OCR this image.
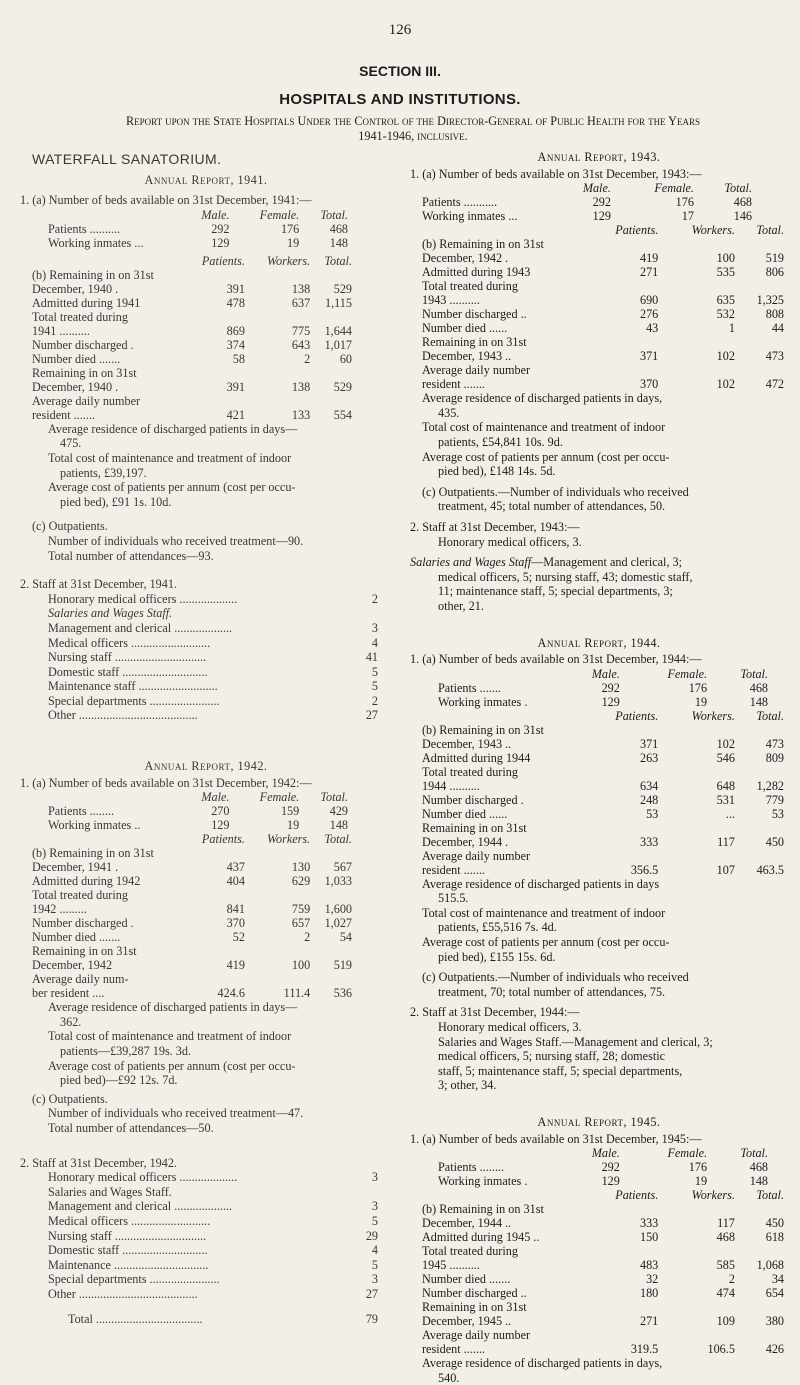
126
SECTION III.
HOSPITALS AND INSTITUTIONS.
Report upon the State Hospitals Under the Control of the Director-General of Public Health for the Years
1941-1946, inclusive.
WATERFALL SANATORIUM.
Annual Report, 1941.
1. (a) Number of beds available on 31st December, 1941:—
	Male.	Female.	Total.
Patients ..........	292	176	468
Working inmates ...	129	19	148
	Patients.	Workers.	Total.
(b) Remaining in on 31st			
December, 1940 .	391	138	529
Admitted during 1941	478	637	1,115
Total treated during			
1941 ..........	869	775	1,644
Number discharged .	374	643	1,017
Number died .......	58	2	60
Remaining in on 31st			
December, 1940 .	391	138	529
Average daily number			
resident .......	421	133	554
Average residence of discharged patients in days—
475.
Total cost of maintenance and treatment of indoor
patients, £39,197.
Average cost of patients per annum (cost per occu-
pied bed), £91 1s. 10d.
(c) Outpatients.
Number of individuals who received treatment—90.
Total number of attendances—93.
2. Staff at 31st December, 1941.
Honorary medical officers ...................	2
Salaries and Wages Staff.
Management and clerical ...................	3
Medical officers ..........................	4
Nursing staff ..............................	41
Domestic staff ............................	5
Maintenance staff ..........................	5
Special departments .......................	2
Other .......................................	27
Annual Report, 1942.
1. (a) Number of beds available on 31st December, 1942:—
	Male.	Female.	Total.
Patients ........	270	159	429
Working inmates ..	129	19	148
	Patients.	Workers.	Total.
(b) Remaining in on 31st			
December, 1941 .	437	130	567
Admitted during 1942	404	629	1,033
Total treated during			
1942 .........	841	759	1,600
Number discharged .	370	657	1,027
Number died .......	52	2	54
Remaining in on 31st			
December, 1942	419	100	519
Average daily num-			
ber resident ....	424.6	111.4	536
Average residence of discharged patients in days—
362.
Total cost of maintenance and treatment of indoor
patients—£39,287 19s. 3d.
Average cost of patients per annum (cost per occu-
pied bed)—£92 12s. 7d.
(c) Outpatients.
Number of individuals who received treatment—47.
Total number of attendances—50.
2. Staff at 31st December, 1942.
Honorary medical officers ...................	3
Salaries and Wages Staff.
Management and clerical ...................	3
Medical officers ..........................	5
Nursing staff ..............................	29
Domestic staff ............................	4
Maintenance ...............................	5
Special departments .......................	3
Other .......................................	27
Total ...................................	79
Annual Report, 1943.
1. (a) Number of beds available on 31st December, 1943:—
	Male.	Female.	Total.
Patients ...........	292	176	468
Working inmates ...	129	17	146
	Patients.	Workers.	Total.
(b) Remaining in on 31st			
December, 1942 .	419	100	519
Admitted during 1943	271	535	806
Total treated during			
1943 ..........	690	635	1,325
Number discharged ..	276	532	808
Number died ......	43	1	44
Remaining in on 31st			
December, 1943 ..	371	102	473
Average daily number			
resident .......	370	102	472
Average residence of discharged patients in days,
435.
Total cost of maintenance and treatment of indoor
patients, £54,841 10s. 9d.
Average cost of patients per annum (cost per occu-
pied bed), £148 14s. 5d.
(c) Outpatients.—Number of individuals who received
treatment, 45; total number of attendances, 50.
2. Staff at 31st December, 1943:—
Honorary medical officers, 3.
Salaries and Wages Staff—Management and clerical, 3;
medical officers, 5; nursing staff, 43; domestic staff,
11; maintenance staff, 5; special departments, 3;
other, 21.
Annual Report, 1944.
1. (a) Number of beds available on 31st December, 1944:—
	Male.	Female.	Total.
Patients .......	292	176	468
Working inmates .	129	19	148
	Patients.	Workers.	Total.
(b) Remaining in on 31st			
December, 1943 ..	371	102	473
Admitted during 1944	263	546	809
Total treated during			
1944 ..........	634	648	1,282
Number discharged .	248	531	779
Number died ......	53	...	53
Remaining in on 31st			
December, 1944 .	333	117	450
Average daily number			
resident .......	356.5	107	463.5
Average residence of discharged patients in days
515.5.
Total cost of maintenance and treatment of indoor
patients, £55,516 7s. 4d.
Average cost of patients per annum (cost per occu-
pied bed), £155 15s. 6d.
(c) Outpatients.—Number of individuals who received
treatment, 70; total number of attendances, 75.
2. Staff at 31st December, 1944:—
Honorary medical officers, 3.
Salaries and Wages Staff.—Management and clerical, 3;
medical officers, 5; nursing staff, 28; domestic
staff, 5; maintenance staff, 5; special departments,
3; other, 34.
Annual Report, 1945.
1. (a) Number of beds available on 31st December, 1945:—
	Male.	Female.	Total.
Patients ........	292	176	468
Working inmates .	129	19	148
	Patients.	Workers.	Total.
(b) Remaining in on 31st			
December, 1944 ..	333	117	450
Admitted during 1945 ..	150	468	618
Total treated during			
1945 ..........	483	585	1,068
Number died .......	32	2	34
Number discharged ..	180	474	654
Remaining in on 31st			
December, 1945 ..	271	109	380
Average daily number			
resident .......	319.5	106.5	426
Average residence of discharged patients in days,
540.
